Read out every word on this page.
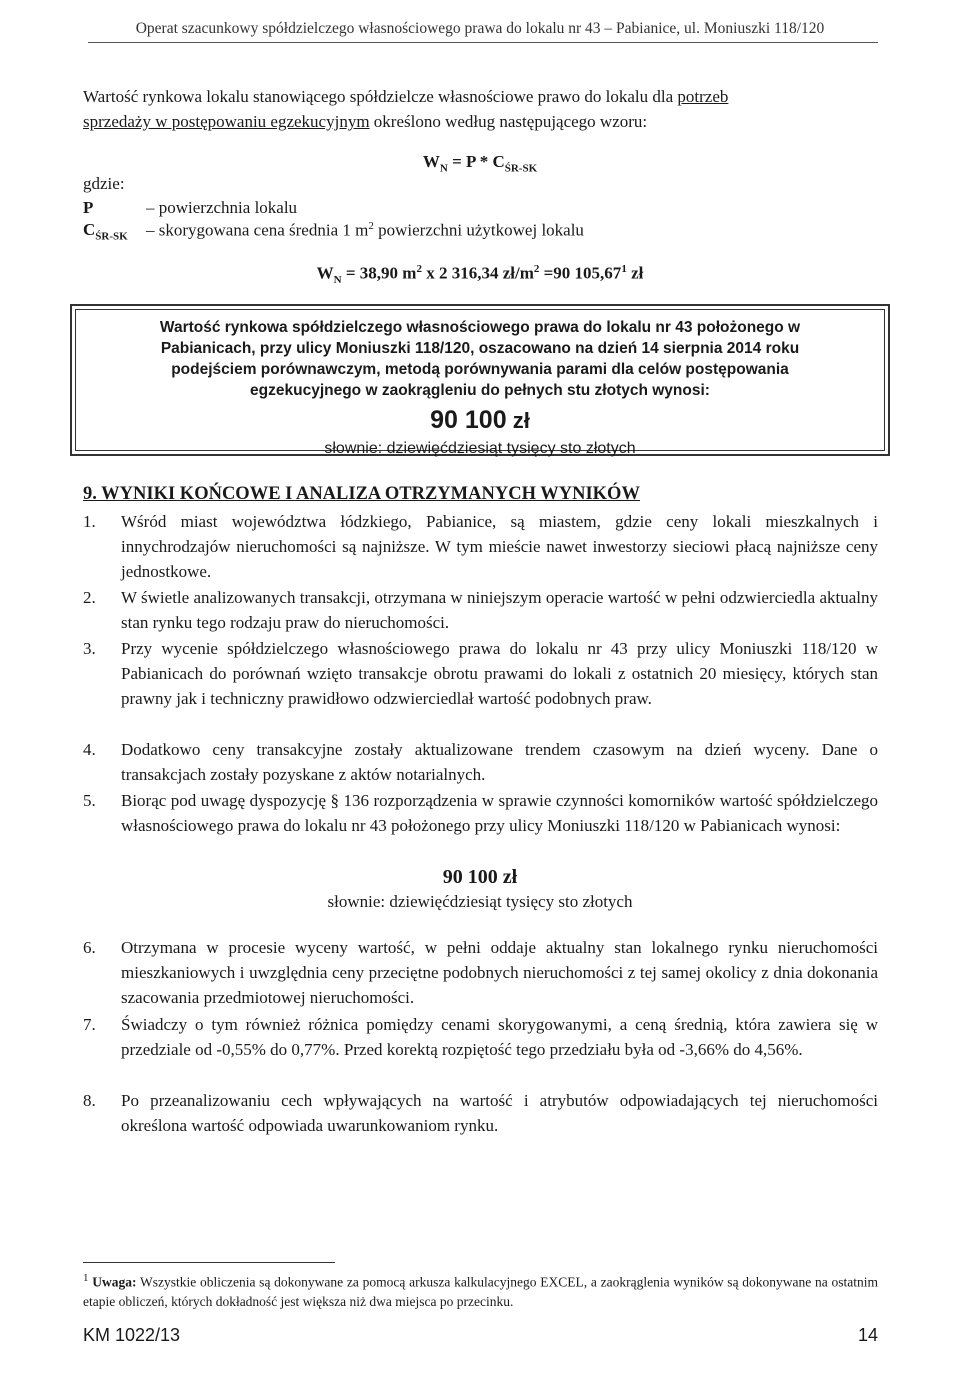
Operat szacunkowy spółdzielczego własnościowego prawa do lokalu nr 43 – Pabianice, ul. Moniuszki 118/120
Wartość rynkowa lokalu stanowiącego spółdzielcze własnościowe prawo do lokalu dla potrzeb
sprzedaży w postępowaniu egzekucyjnym określono według następującego wzoru:
$W_N = P * C_{ŚR-SK}$
gdzie:
P	– powierzchnia lokalu
$C_{ŚR-SK}$ – skorygowana cena średnia 1 $m^2$ powierzchni użytkowej lokalu
$W_N = 38,90$ $m^2$ x 2 316,34 $zł/m^2 =90$ 105,67$^1$ zł
Wartość rynkowa spółdzielczego własnościowego prawa do lokalu nr 43 położonego w
Pabianicach, przy ulicy Moniuszki 118/120, oszacowano na dzień 14 sierpnia 2014 roku
podejściem porównawczym, metodą porównywania parami dla celów postępowania
egzekucyjnego w zaokrągleniu do pełnych stu złotych wynosi:
90 100 zł
słownie: dziewięćdziesiąt tysięcy sto złotych
9. WYNIKI KOŃCOWE I ANALIZA OTRZYMANYCH WYNIKÓW
1. Wśród miast województwa łódzkiego, Pabianice, są miastem, gdzie ceny lokali mieszkalnych i innychrodzajów nieruchomości są najniższe. W tym mieście nawet inwestorzy sieciowi płacą najniższe ceny jednostkowe.
2. W świetle analizowanych transakcji, otrzymana w niniejszym operacie wartość w pełni odzwierciedla aktualny stan rynku tego rodzaju praw do nieruchomości.
3. Przy wycenie spółdzielczego własnościowego prawa do lokalu nr 43 przy ulicy Moniuszki 118/120 w Pabianicach do porównań wzięto transakcje obrotu prawami do lokali z ostatnich 20 miesięcy, których stan prawny jak i techniczny prawidłowo odzwierciedlał wartość podobnych praw.
4. Dodatkowo ceny transakcyjne zostały aktualizowane trendem czasowym na dzień wyceny. Dane o transakcjach zostały pozyskane z aktów notarialnych.
5. Biorąc pod uwagę dyspozycję § 136 rozporządzenia w sprawie czynności komorników wartość spółdzielczego własnościowego prawa do lokalu nr 43 położonego przy ulicy Moniuszki 118/120 w Pabianicach wynosi:
90 100 zł
słownie: dziewięćdziesiąt tysięcy sto złotych
6. Otrzymana w procesie wyceny wartość, w pełni oddaje aktualny stan lokalnego rynku nieruchomości mieszkaniowych i uwzględnia ceny przeciętne podobnych nieruchomości z tej samej okolicy z dnia dokonania szacowania przedmiotowej nieruchomości.
7. Świadczy o tym również różnica pomiędzy cenami skorygowanymi, a ceną średnią, która zawiera się w przedziale od -0,55% do 0,77%. Przed korektą rozpiętość tego przedziału była od -3,66% do 4,56%.
8. Po przeanalizowaniu cech wpływających na wartość i atrybutów odpowiadających tej nieruchomości określona wartość odpowiada uwarunkowaniom rynku.
$^1$ Uwaga: Wszystkie obliczenia są dokonywane za pomocą arkusza kalkulacyjnego EXCEL, a zaokrąglenia wyników są dokonywane na ostatnim etapie obliczeń, których dokładność jest większa niż dwa miejsca po przecinku.
KM 1022/13	14
